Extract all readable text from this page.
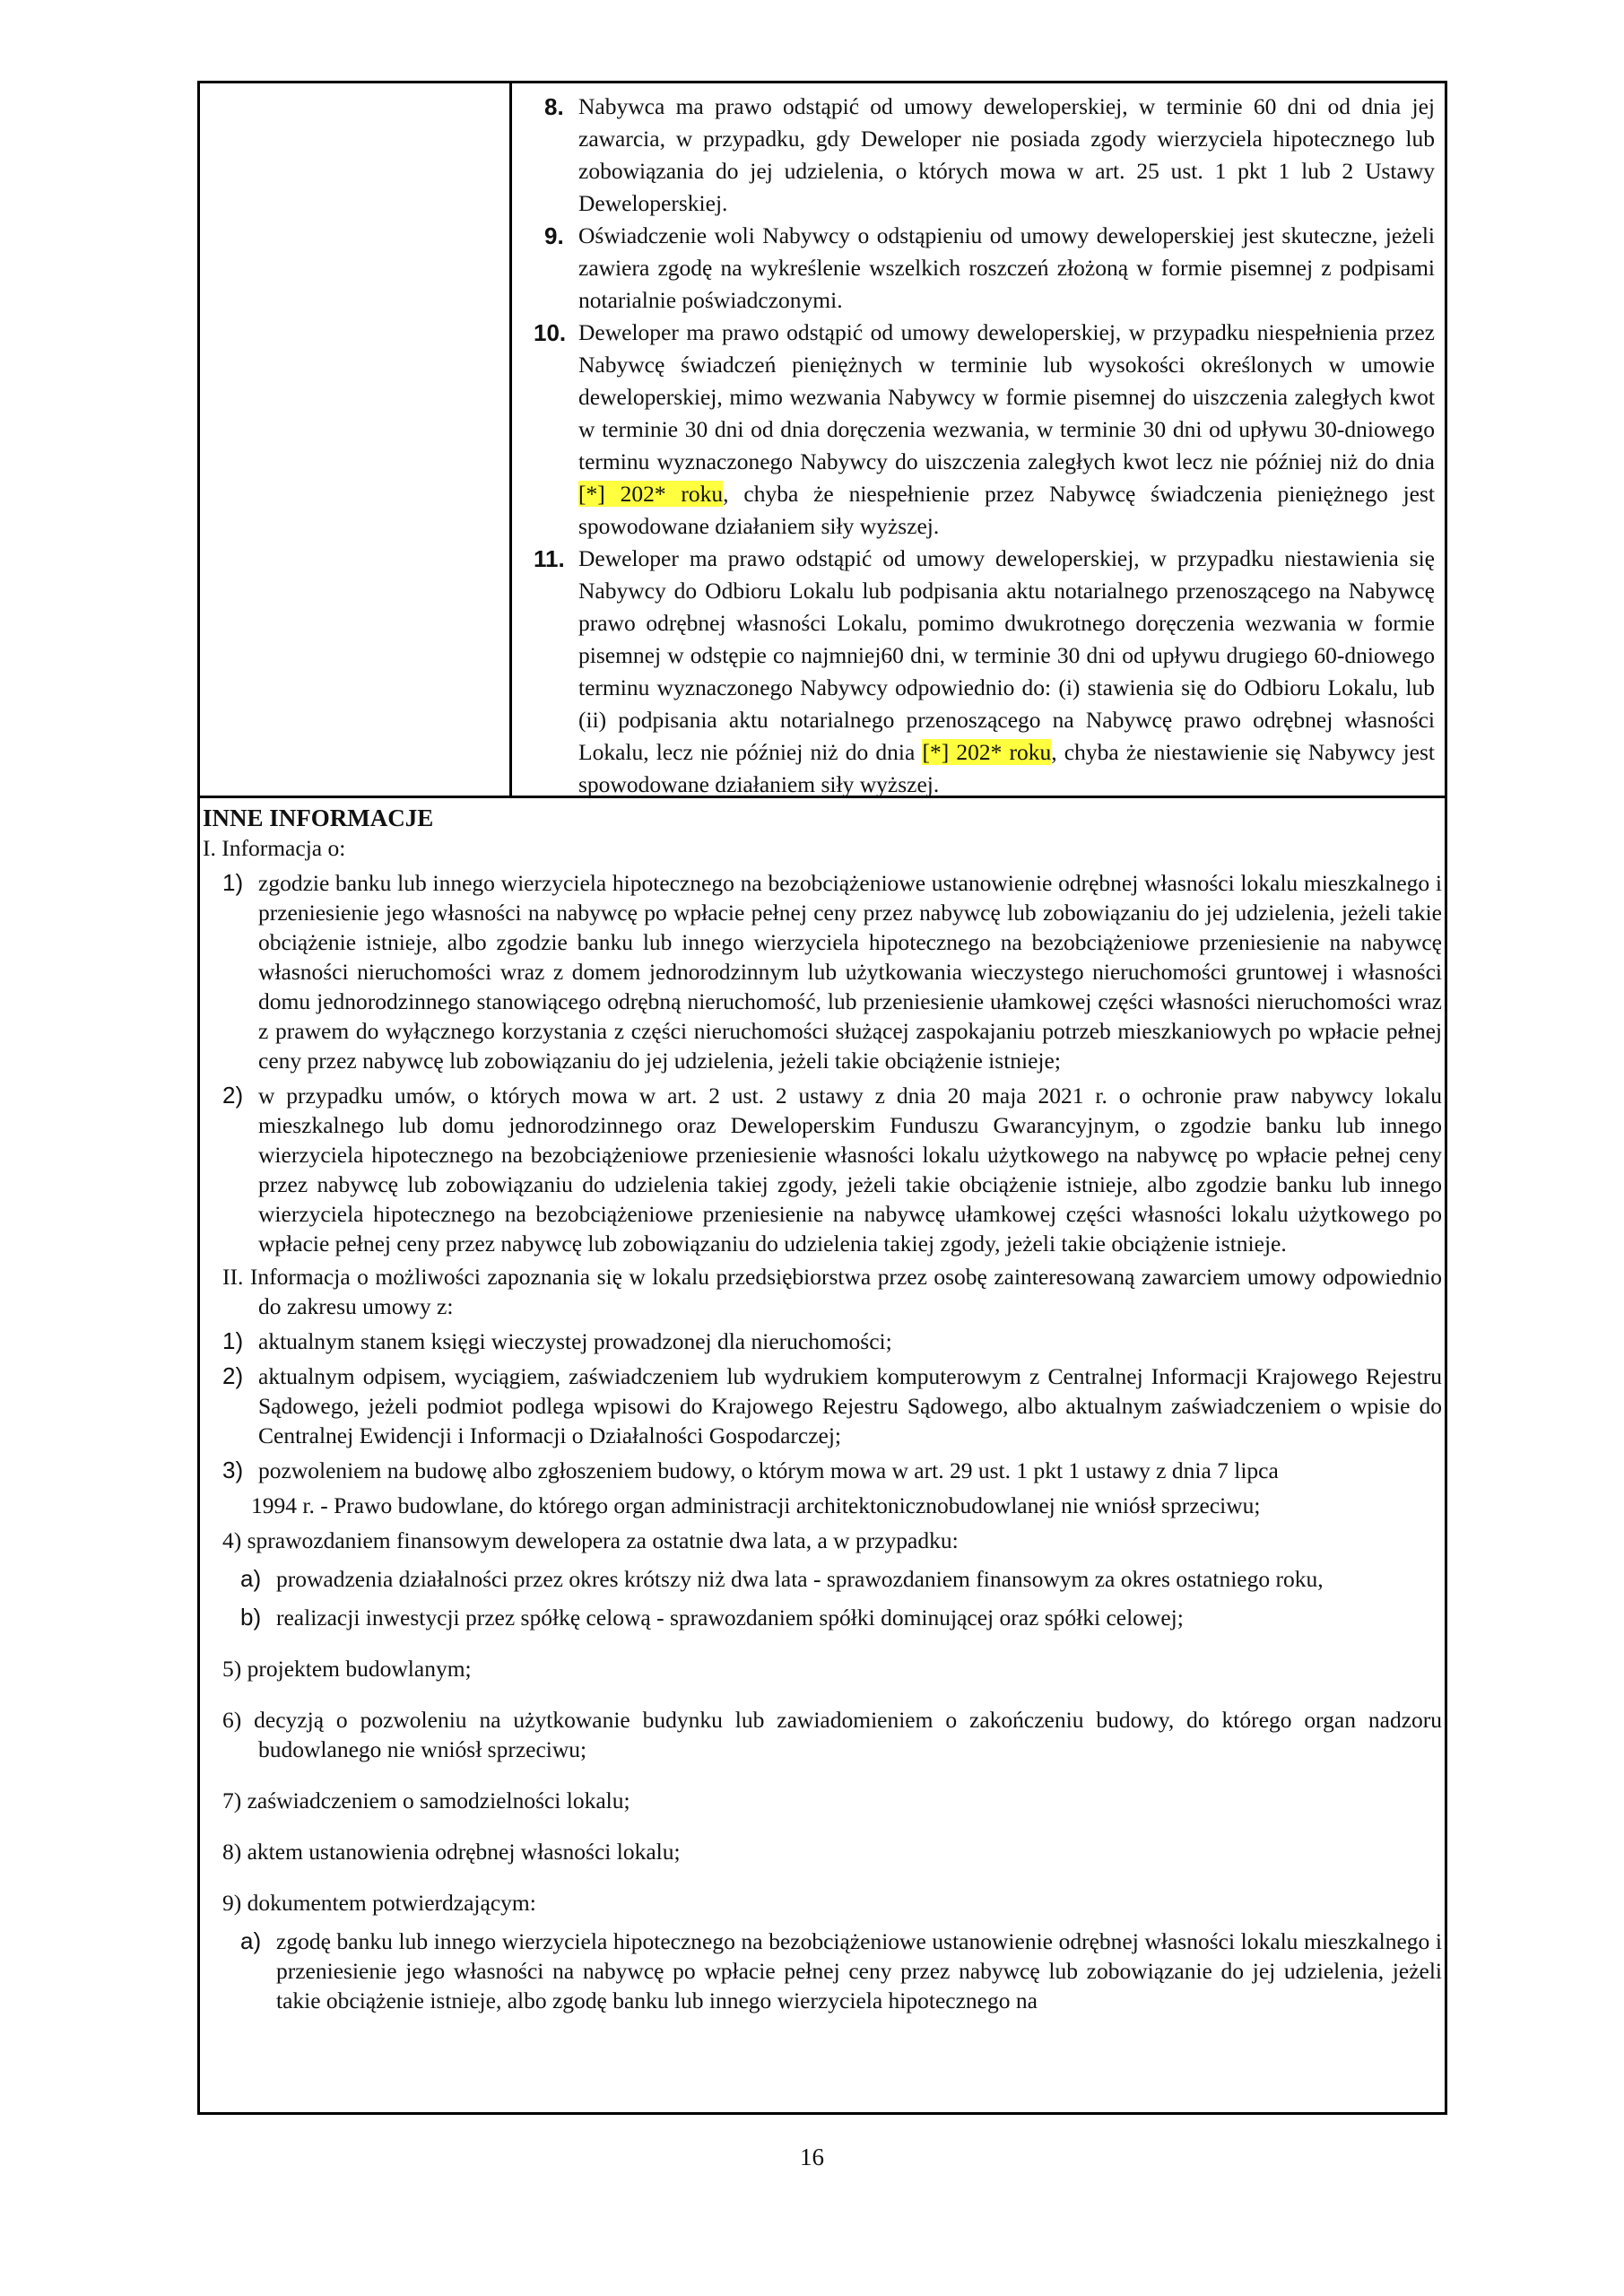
8. Nabywca ma prawo odstąpić od umowy deweloperskiej, w terminie 60 dni od dnia jej zawarcia, w przypadku, gdy Deweloper nie posiada zgody wierzyciela hipotecznego lub zobowiązania do jej udzielenia, o których mowa w art. 25 ust. 1 pkt 1 lub 2 Ustawy Deweloperskiej.

9. Oświadczenie woli Nabywcy o odstąpieniu od umowy deweloperskiej jest skuteczne, jeżeli zawiera zgodę na wykreślenie wszelkich roszczeń złożoną w formie pisemnej z podpisami notarialnie poświadczonymi.

10. Deweloper ma prawo odstąpić od umowy deweloperskiej, w przypadku niespełnienia przez Nabywcę świadczeń pieniężnych w terminie lub wysokości określonych w umowie deweloperskiej, mimo wezwania Nabywcy w formie pisemnej do uiszczenia zaległych kwot w terminie 30 dni od dnia doręczenia wezwania, w terminie 30 dni od upływu 30-dniowego terminu wyznaczonego Nabywcy do uiszczenia zaległych kwot lecz nie później niż do dnia [*] 202* roku, chyba że niespełnienie przez Nabywcę świadczenia pieniężnego jest spowodowane działaniem siły wyższej.

11. Deweloper ma prawo odstąpić od umowy deweloperskiej, w przypadku niestawienia się Nabywcy do Odbioru Lokalu lub podpisania aktu notarialnego przenoszącego na Nabywcę prawo odrębnej własności Lokalu, pomimo dwukrotnego doręczenia wezwania w formie pisemnej w odstępie co najmniej60 dni, w terminie 30 dni od upływu drugiego 60-dniowego terminu wyznaczonego Nabywcy odpowiednio do: (i) stawienia się do Odbioru Lokalu, lub (ii) podpisania aktu notarialnego przenoszącego na Nabywcę prawo odrębnej własności Lokalu, lecz nie później niż do dnia [*] 202* roku, chyba że niestawienie się Nabywcy jest spowodowane działaniem siły wyższej.

INNE INFORMACJE

I. Informacja o:

1) zgodzie banku lub innego wierzyciela hipotecznego na bezobciążeniowe ustanowienie odrębnej własności lokalu mieszkalnego i przeniesienie jego własności na nabywcę po wpłacie pełnej ceny przez nabywcę lub zobowiązaniu do jej udzielenia, jeżeli takie obciążenie istnieje, albo zgodzie banku lub innego wierzyciela hipotecznego na bezobciążeniowe przeniesienie na nabywcę własności nieruchomości wraz z domem jednorodzinnym lub użytkowania wieczystego nieruchomości gruntowej i własności domu jednorodzinnego stanowiącego odrębną nieruchomość, lub przeniesienie ułamkowej części własności nieruchomości wraz z prawem do wyłącznego korzystania z części nieruchomości służącej zaspokajaniu potrzeb mieszkaniowych po wpłacie pełnej ceny przez nabywcę lub zobowiązaniu do jej udzielenia, jeżeli takie obciążenie istnieje;

2) w przypadku umów, o których mowa w art. 2 ust. 2 ustawy z dnia 20 maja 2021 r. o ochronie praw nabywcy lokalu mieszkalnego lub domu jednorodzinnego oraz Deweloperskim Funduszu Gwarancyjnym, o zgodzie banku lub innego wierzyciela hipotecznego na bezobciążeniowe przeniesienie własności lokalu użytkowego na nabywcę po wpłacie pełnej ceny przez nabywcę lub zobowiązaniu do udzielenia takiej zgody, jeżeli takie obciążenie istnieje, albo zgodzie banku lub innego wierzyciela hipotecznego na bezobciążeniowe przeniesienie na nabywcę ułamkowej części własności lokalu użytkowego po wpłacie pełnej ceny przez nabywcę lub zobowiązaniu do udzielenia takiej zgody, jeżeli takie obciążenie istnieje.

II. Informacja o możliwości zapoznania się w lokalu przedsiębiorstwa przez osobę zainteresowaną zawarciem umowy odpowiednio do zakresu umowy z:

1) aktualnym stanem księgi wieczystej prowadzonej dla nieruchomości;

2) aktualnym odpisem, wyciągiem, zaświadczeniem lub wydrukiem komputerowym z Centralnej Informacji Krajowego Rejestru Sądowego, jeżeli podmiot podlega wpisowi do Krajowego Rejestru Sądowego, albo aktualnym zaświadczeniem o wpisie do Centralnej Ewidencji i Informacji o Działalności Gospodarczej;

3) pozwoleniem na budowę albo zgłoszeniem budowy, o którym mowa w art. 29 ust. 1 pkt 1 ustawy z dnia 7 lipca

1994 r. - Prawo budowlane, do którego organ administracji architektonicznobudowlanej nie wniósł sprzeciwu;

4) sprawozdaniem finansowym dewelopera za ostatnie dwa lata, a w przypadku:

a) prowadzenia działalności przez okres krótszy niż dwa lata - sprawozdaniem finansowym za okres ostatniego roku,

b) realizacji inwestycji przez spółkę celową - sprawozdaniem spółki dominującej oraz spółki celowej;

5) projektem budowlanym;

6) decyzją o pozwoleniu na użytkowanie budynku lub zawiadomieniem o zakończeniu budowy, do którego organ nadzoru budowlanego nie wniósł sprzeciwu;

7) zaświadczeniem o samodzielności lokalu;

8) aktem ustanowienia odrębnej własności lokalu;

9) dokumentem potwierdzającym:

a) zgodę banku lub innego wierzyciela hipotecznego na bezobciążeniowe ustanowienie odrębnej własności lokalu mieszkalnego i przeniesienie jego własności na nabywcę po wpłacie pełnej ceny przez nabywcę lub zobowiązanie do jej udzielenia, jeżeli takie obciążenie istnieje, albo zgodę banku lub innego wierzyciela hipotecznego na

16
